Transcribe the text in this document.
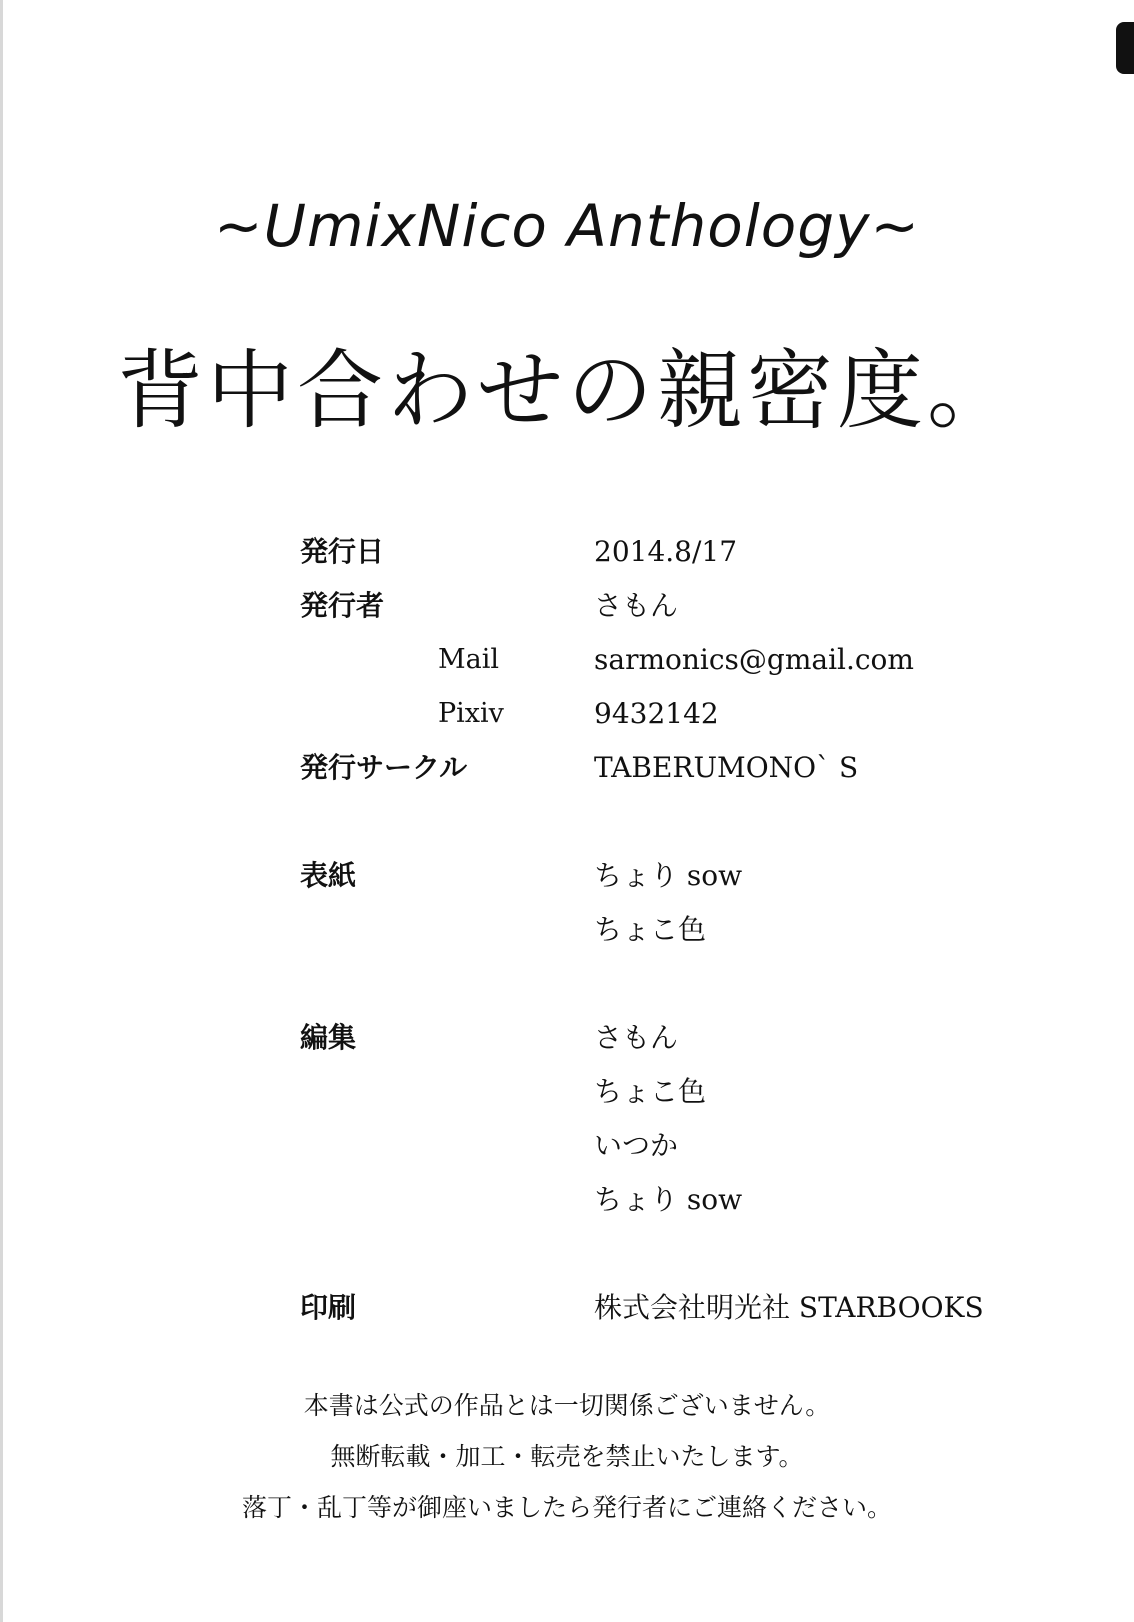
~UmixNico Anthology~
背中合わせの親密度。
発行日	2014.8/17
発行者	さもん
Mail	sarmonics@gmail.com
Pixiv	9432142
発行サークル	TABERUMONO` S
表紙	ちょり sow
ちょこ色
編集	さもん
ちょこ色
いつか
ちょり sow
印刷	株式会社明光社 STARBOOKS
本書は公式の作品とは一切関係ございません。
無断転載・加工・転売を禁止いたします。
落丁・乱丁等が御座いましたら発行者にご連絡ください。
